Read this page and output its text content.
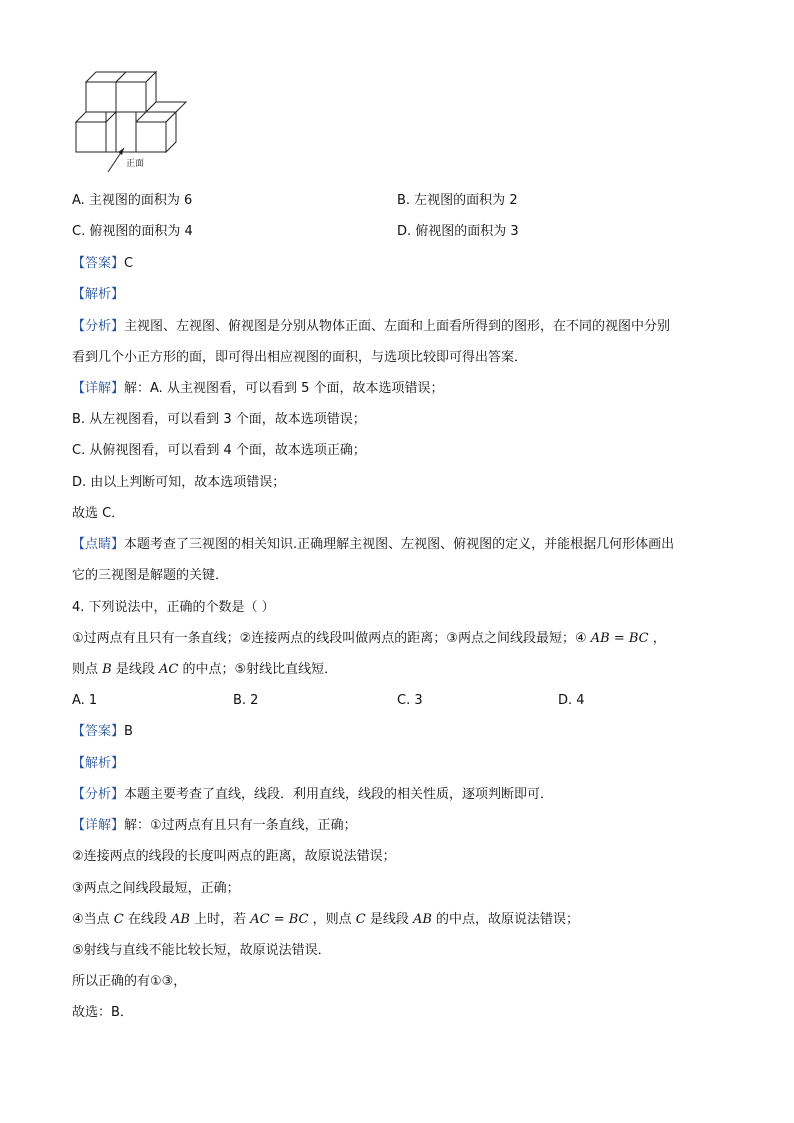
正面
A. 主视图的面积为 6	B. 左视图的面积为 2
C. 俯视图的面积为 4	D. 俯视图的面积为 3
【答案】C
【解析】
【分析】主视图、左视图、俯视图是分别从物体正面、左面和上面看所得到的图形，在不同的视图中分别
看到几个小正方形的面，即可得出相应视图的面积，与选项比较即可得出答案．
【详解】解：A. 从主视图看，可以看到 5 个面，故本选项错误；
B. 从左视图看，可以看到 3 个面，故本选项错误；
C. 从俯视图看，可以看到 4 个面，故本选项正确；
D. 由以上判断可知，故本选项错误；
故选 C．
【点睛】本题考查了三视图的相关知识.正确理解主视图、左视图、俯视图的定义，并能根据几何形体画出
它的三视图是解题的关键．
4. 下列说法中，正确的个数是（ ）
①过两点有且只有一条直线；②连接两点的线段叫做两点的距离；③两点之间线段最短；④ AB = BC ，
则点 B 是线段 AC 的中点；⑤射线比直线短．
A. 1	B. 2	C. 3	D. 4
【答案】B
【解析】
【分析】本题主要考查了直线，线段．利用直线，线段的相关性质，逐项判断即可．
【详解】解：①过两点有且只有一条直线，正确；
②连接两点的线段的长度叫两点的距离，故原说法错误；
③两点之间线段最短，正确；
④当点 C 在线段 AB 上时，若 AC = BC ，则点 C 是线段 AB 的中点，故原说法错误；
⑤射线与直线不能比较长短，故原说法错误．
所以正确的有①③，
故选：B．
